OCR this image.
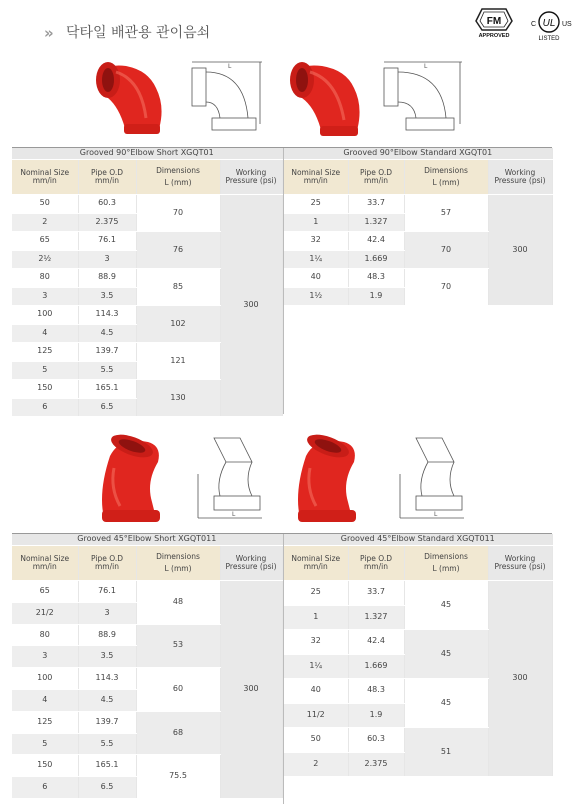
» 닥타일 배관용 관이음쇠
FM
APPROVED
C UL US
LISTED
L	L
L	L
Grooved 90°Elbow Short XGQT01			
Nominal Size mm/in	Pipe O.D mm/in	Dimensions
L (mm)	Working Pressure (psi)
50	60.3	70	300
2	2.375		
65	76.1	76	
2½	3		
80	88.9	85	
3	3.5		
100	114.3	102	
4	4.5		
125	139.7	121	
5	5.5		
150	165.1	130	
6	6.5		
Grooved 90°Elbow Standard XGQT01			
Nominal Size mm/in	Pipe O.D mm/in	Dimensions
L (mm)	Working Pressure (psi)
25	33.7	57	300
1	1.327		
32	42.4	70	
1¼	1.669		
40	48.3	70	
1½	1.9		
Grooved 45°Elbow Short XGQT011			
Nominal Size mm/in	Pipe O.D mm/in	Dimensions
L (mm)	Working Pressure (psi)
65	76.1	48	300
21/2	3		
80	88.9	53	
3	3.5		
100	114.3	60	
4	4.5		
125	139.7	68	
5	5.5		
150	165.1	75.5	
6	6.5		
Grooved 45°Elbow Standard XGQT011			
Nominal Size mm/in	Pipe O.D mm/in	Dimensions
L (mm)	Working Pressure (psi)
25	33.7	45	300
1	1.327		
32	42.4	45	
1¼	1.669		
40	48.3	45	
11/2	1.9		
50	60.3	51	
2	2.375		
